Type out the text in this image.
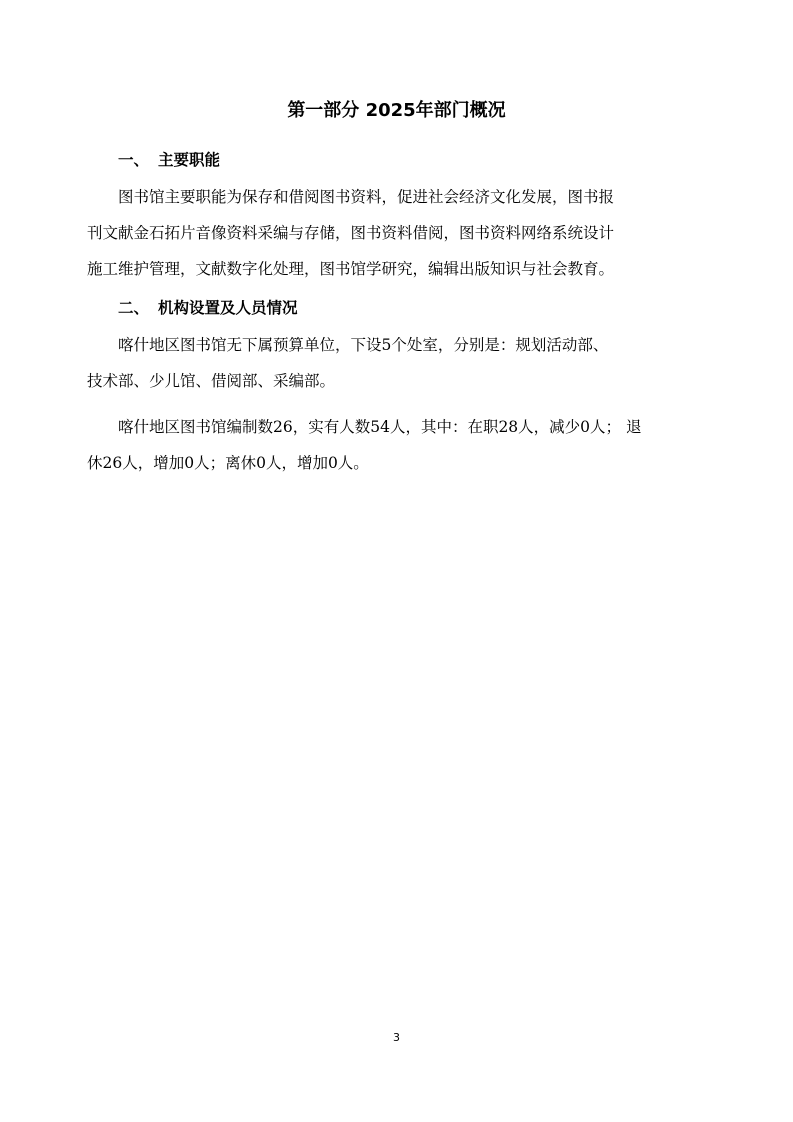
第一部分 2025年部门概况
一、 主要职能
图书馆主要职能为保存和借阅图书资料，促进社会经济文化发展，图书报
刊文献金石拓片音像资料采编与存储，图书资料借阅，图书资料网络系统设计
施工维护管理，文献数字化处理，图书馆学研究，编辑出版知识与社会教育。
二、 机构设置及人员情况
喀什地区图书馆无下属预算单位，下设5个处室，分别是：规划活动部、
技术部、少儿馆、借阅部、采编部。
喀什地区图书馆编制数26，实有人数54人，其中：在职28人，减少0人； 退
休26人，增加0人；离休0人，增加0人。
3
